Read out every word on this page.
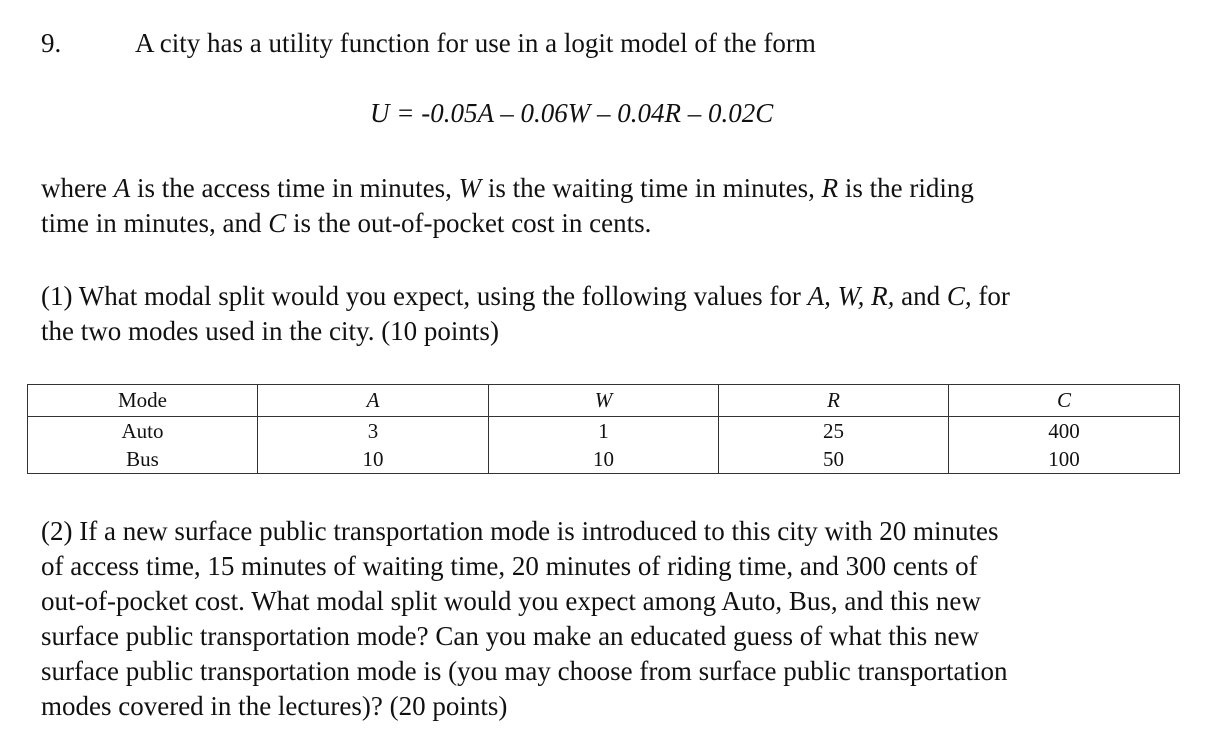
9.	A city has a utility function for use in a logit model of the form
U = -0.05A – 0.06W – 0.04R – 0.02C
where A is the access time in minutes, W is the waiting time in minutes, R is the riding
time in minutes, and C is the out-of-pocket cost in cents.
(1) What modal split would you expect, using the following values for A, W, R, and C, for
the two modes used in the city. (10 points)
Mode	A	W	R	C
Auto	3	1	25	400
Bus	10	10	50	100
(2) If a new surface public transportation mode is introduced to this city with 20 minutes
of access time, 15 minutes of waiting time, 20 minutes of riding time, and 300 cents of
out-of-pocket cost. What modal split would you expect among Auto, Bus, and this new
surface public transportation mode? Can you make an educated guess of what this new
surface public transportation mode is (you may choose from surface public transportation
modes covered in the lectures)? (20 points)
